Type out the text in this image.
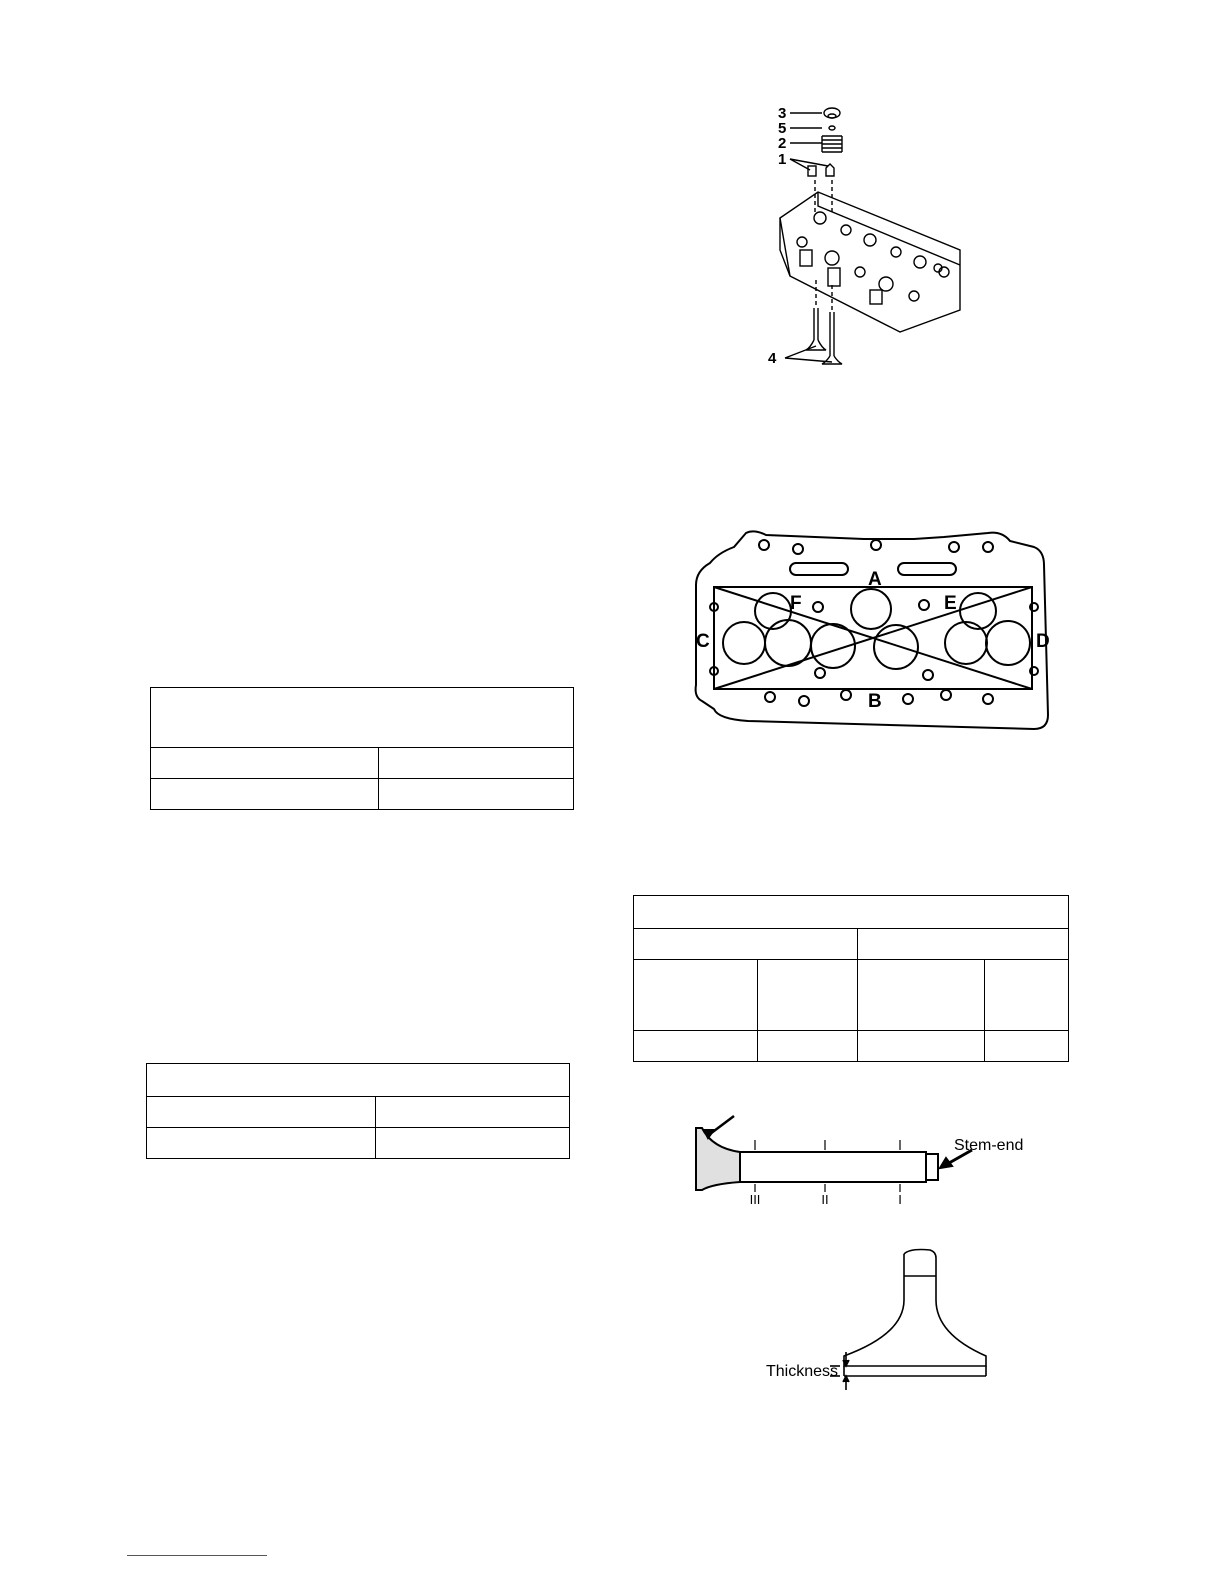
3
5
2
1
4
A
B
C	D
E
F

Stem-end
III	II	I
Thickness
